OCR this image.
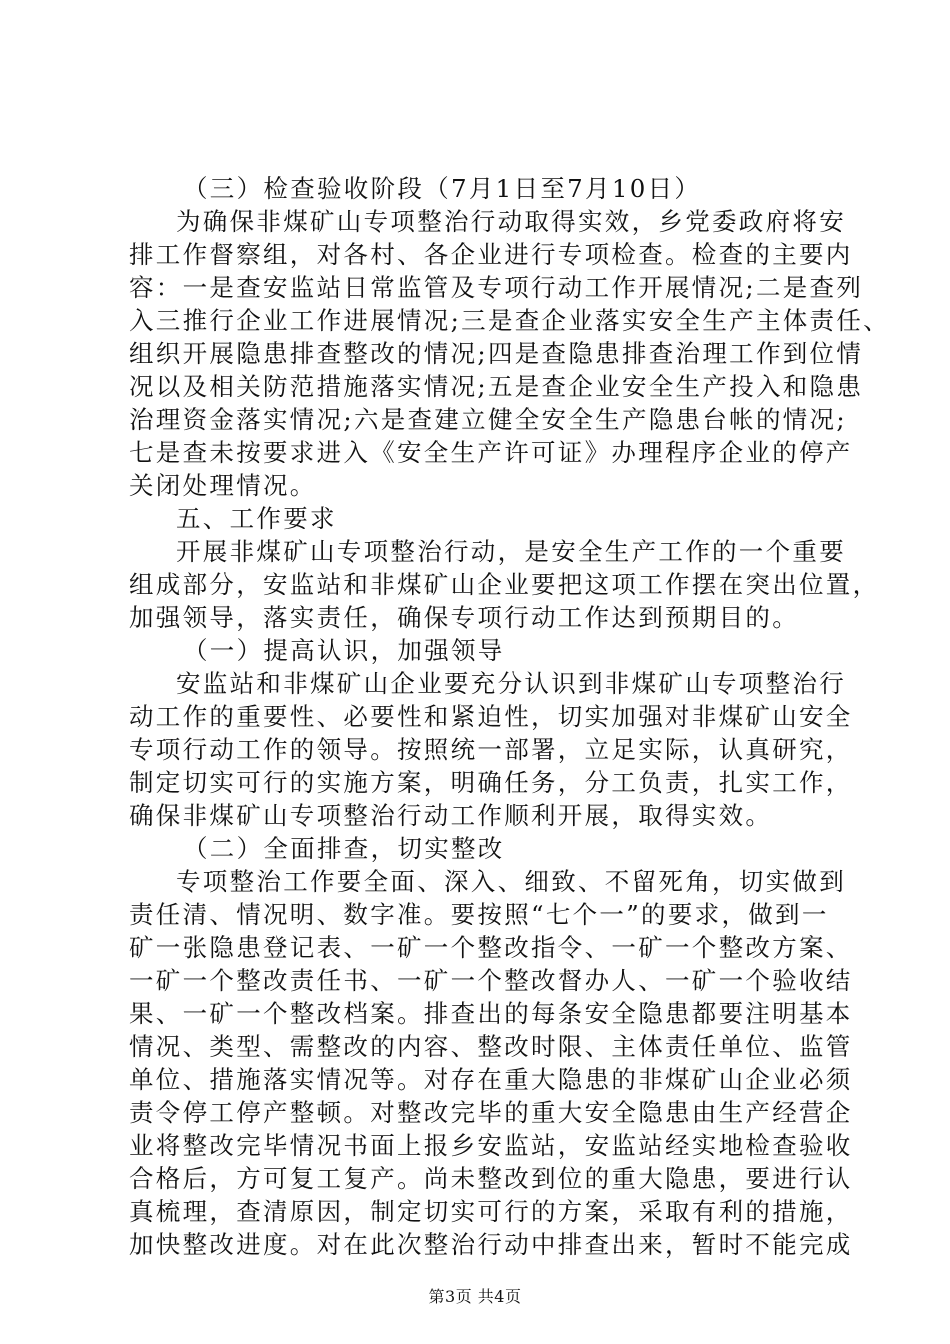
（三）检查验收阶段（7月1日至7月10日）
为确保非煤矿山专项整治行动取得实效，乡党委政府将安
排工作督察组，对各村、各企业进行专项检查。检查的主要内
容：一是查安监站日常监管及专项行动工作开展情况;二是查列
入三推行企业工作进展情况;三是查企业落实安全生产主体责任、
组织开展隐患排查整改的情况;四是查隐患排查治理工作到位情
况以及相关防范措施落实情况;五是查企业安全生产投入和隐患
治理资金落实情况;六是查建立健全安全生产隐患台帐的情况;
七是查未按要求进入《安全生产许可证》办理程序企业的停产
关闭处理情况。
五、工作要求
开展非煤矿山专项整治行动，是安全生产工作的一个重要
组成部分，安监站和非煤矿山企业要把这项工作摆在突出位置，
加强领导，落实责任，确保专项行动工作达到预期目的。
（一）提高认识，加强领导
安监站和非煤矿山企业要充分认识到非煤矿山专项整治行
动工作的重要性、必要性和紧迫性，切实加强对非煤矿山安全
专项行动工作的领导。按照统一部署，立足实际，认真研究，
制定切实可行的实施方案，明确任务，分工负责，扎实工作，
确保非煤矿山专项整治行动工作顺利开展，取得实效。
（二）全面排查，切实整改
专项整治工作要全面、深入、细致、不留死角，切实做到
责任清、情况明、数字准。要按照“七个一”的要求，做到一
矿一张隐患登记表、一矿一个整改指令、一矿一个整改方案、
一矿一个整改责任书、一矿一个整改督办人、一矿一个验收结
果、一矿一个整改档案。排查出的每条安全隐患都要注明基本
情况、类型、需整改的内容、整改时限、主体责任单位、监管
单位、措施落实情况等。对存在重大隐患的非煤矿山企业必须
责令停工停产整顿。对整改完毕的重大安全隐患由生产经营企
业将整改完毕情况书面上报乡安监站，安监站经实地检查验收
合格后，方可复工复产。尚未整改到位的重大隐患，要进行认
真梳理，查清原因，制定切实可行的方案，采取有利的措施，
加快整改进度。对在此次整治行动中排查出来，暂时不能完成
第3页 共4页
